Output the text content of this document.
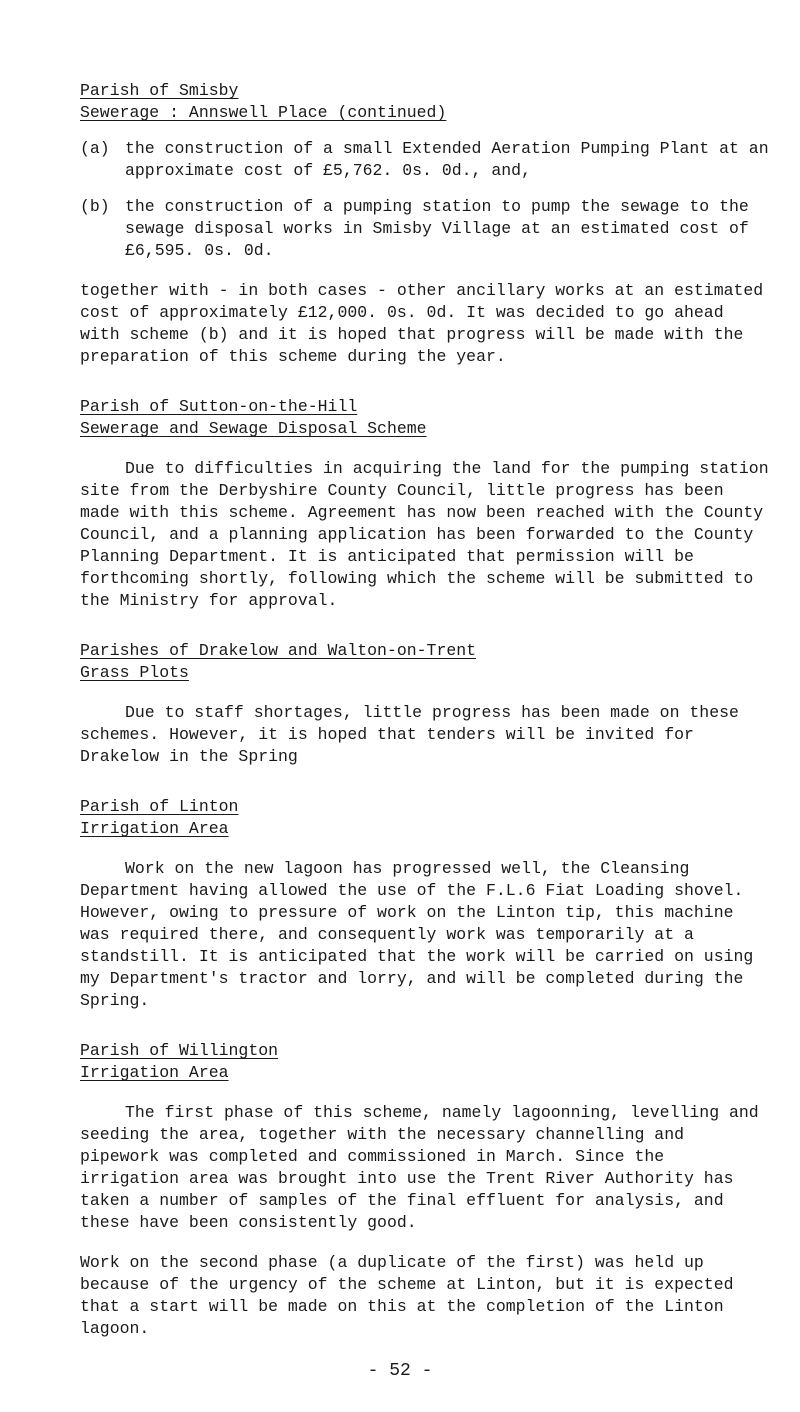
Parish of Smisby
Sewerage : Annswell Place (continued)
(a) the construction of a small Extended Aeration Pumping Plant at an approximate cost of £5,762. 0s. 0d., and,
(b) the construction of a pumping station to pump the sewage to the sewage disposal works in Smisby Village at an estimated cost of £6,595. 0s. 0d.

together with - in both cases - other ancillary works at an estimated cost of approximately £12,000. 0s. 0d. It was decided to go ahead with scheme (b) and it is hoped that progress will be made with the preparation of this scheme during the year.

Parish of Sutton-on-the-Hill
Sewerage and Sewage Disposal Scheme

Due to difficulties in acquiring the land for the pumping station site from the Derbyshire County Council, little progress has been made with this scheme. Agreement has now been reached with the County Council, and a planning application has been forwarded to the County Planning Department. It is anticipated that permission will be forthcoming shortly, following which the scheme will be submitted to the Ministry for approval.

Parishes of Drakelow and Walton-on-Trent
Grass Plots

Due to staff shortages, little progress has been made on these schemes. However, it is hoped that tenders will be invited for Drakelow in the Spring

Parish of Linton
Irrigation Area

Work on the new lagoon has progressed well, the Cleansing Department having allowed the use of the F.L.6 Fiat Loading shovel. However, owing to pressure of work on the Linton tip, this machine was required there, and consequently work was temporarily at a standstill. It is anticipated that the work will be carried on using my Department's tractor and lorry, and will be completed during the Spring.

Parish of Willington
Irrigation Area

The first phase of this scheme, namely lagoonning, levelling and seeding the area, together with the necessary channelling and pipework was completed and commissioned in March. Since the irrigation area was brought into use the Trent River Authority has taken a number of samples of the final effluent for analysis, and these have been consistently good.

Work on the second phase (a duplicate of the first) was held up because of the urgency of the scheme at Linton, but it is expected that a start will be made on this at the completion of the Linton lagoon.

- 52 -
